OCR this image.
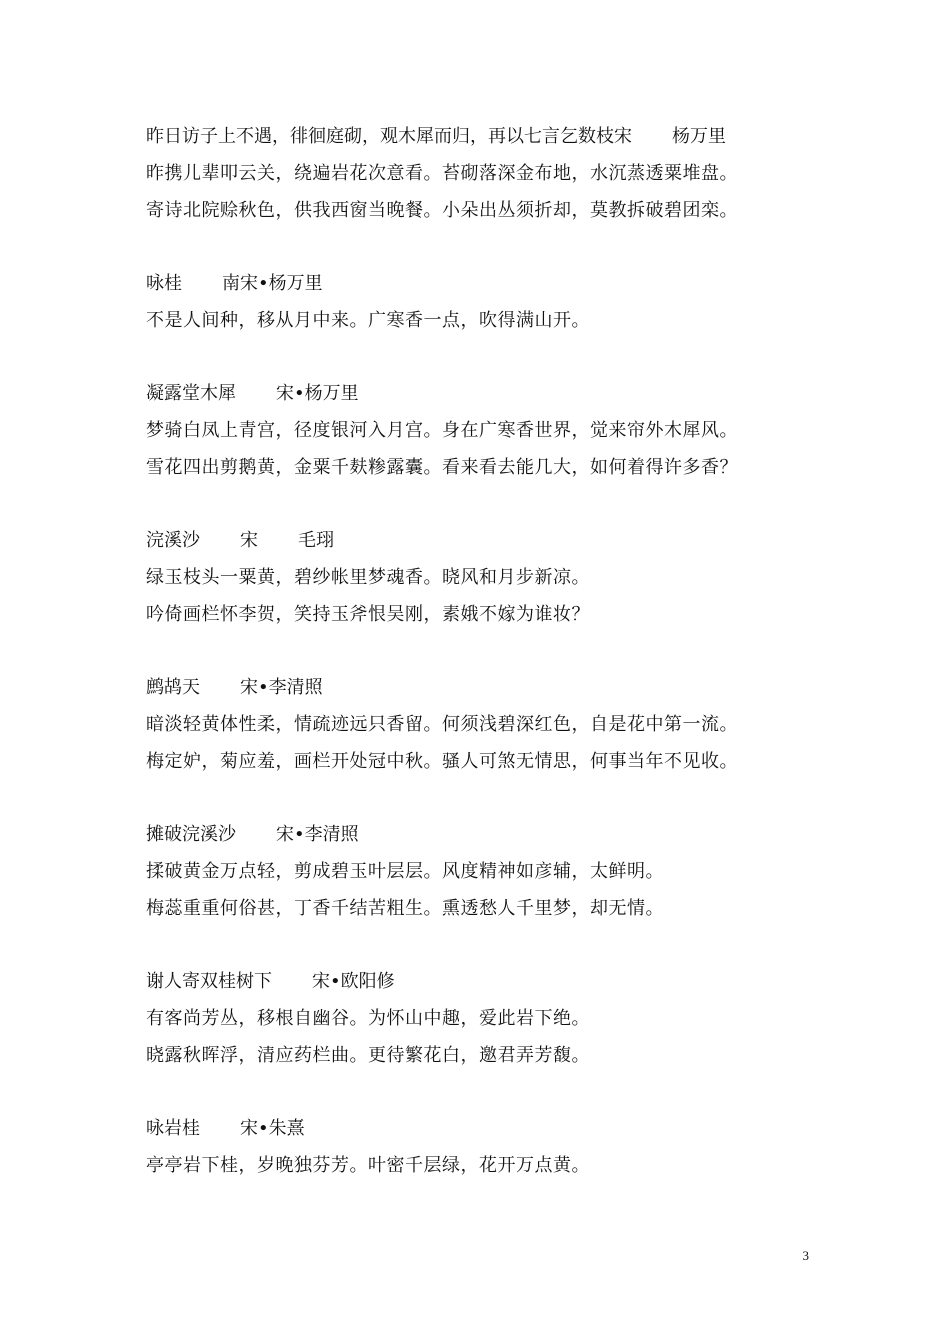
昨日访子上不遇，徘徊庭砌，观木犀而归，再以七言乞数枝宋 杨万里
昨携儿辈叩云关，绕遍岩花次意看。苔砌落深金布地，水沉蒸透粟堆盘。
寄诗北院赊秋色，供我西窗当晚餐。小朵出丛须折却，莫教拆破碧团栾。
咏桂 南宋•杨万里
不是人间种，移从月中来。广寒香一点，吹得满山开。
凝露堂木犀 宋•杨万里
梦骑白凤上青宫，径度银河入月宫。身在广寒香世界，觉来帘外木犀风。
雪花四出剪鹅黄，金粟千麸糁露囊。看来看去能几大，如何着得许多香？
浣溪沙 宋 毛珝
绿玉枝头一粟黄，碧纱帐里梦魂香。晓风和月步新凉。
吟倚画栏怀李贺，笑持玉斧恨吴刚，素娥不嫁为谁妆？
鹧鸪天 宋•李清照
暗淡轻黄体性柔，情疏迹远只香留。何须浅碧深红色，自是花中第一流。
梅定妒，菊应羞，画栏开处冠中秋。骚人可煞无情思，何事当年不见收。
摊破浣溪沙 宋•李清照
揉破黄金万点轻，剪成碧玉叶层层。风度精神如彦辅，太鲜明。
梅蕊重重何俗甚，丁香千结苦粗生。熏透愁人千里梦，却无情。
谢人寄双桂树下 宋•欧阳修
有客尚芳丛，移根自幽谷。为怀山中趣，爱此岩下绝。
晓露秋晖浮，清应药栏曲。更待繁花白，邀君弄芳馥。
咏岩桂 宋•朱熹
亭亭岩下桂，岁晚独芬芳。叶密千层绿，花开万点黄。
3
